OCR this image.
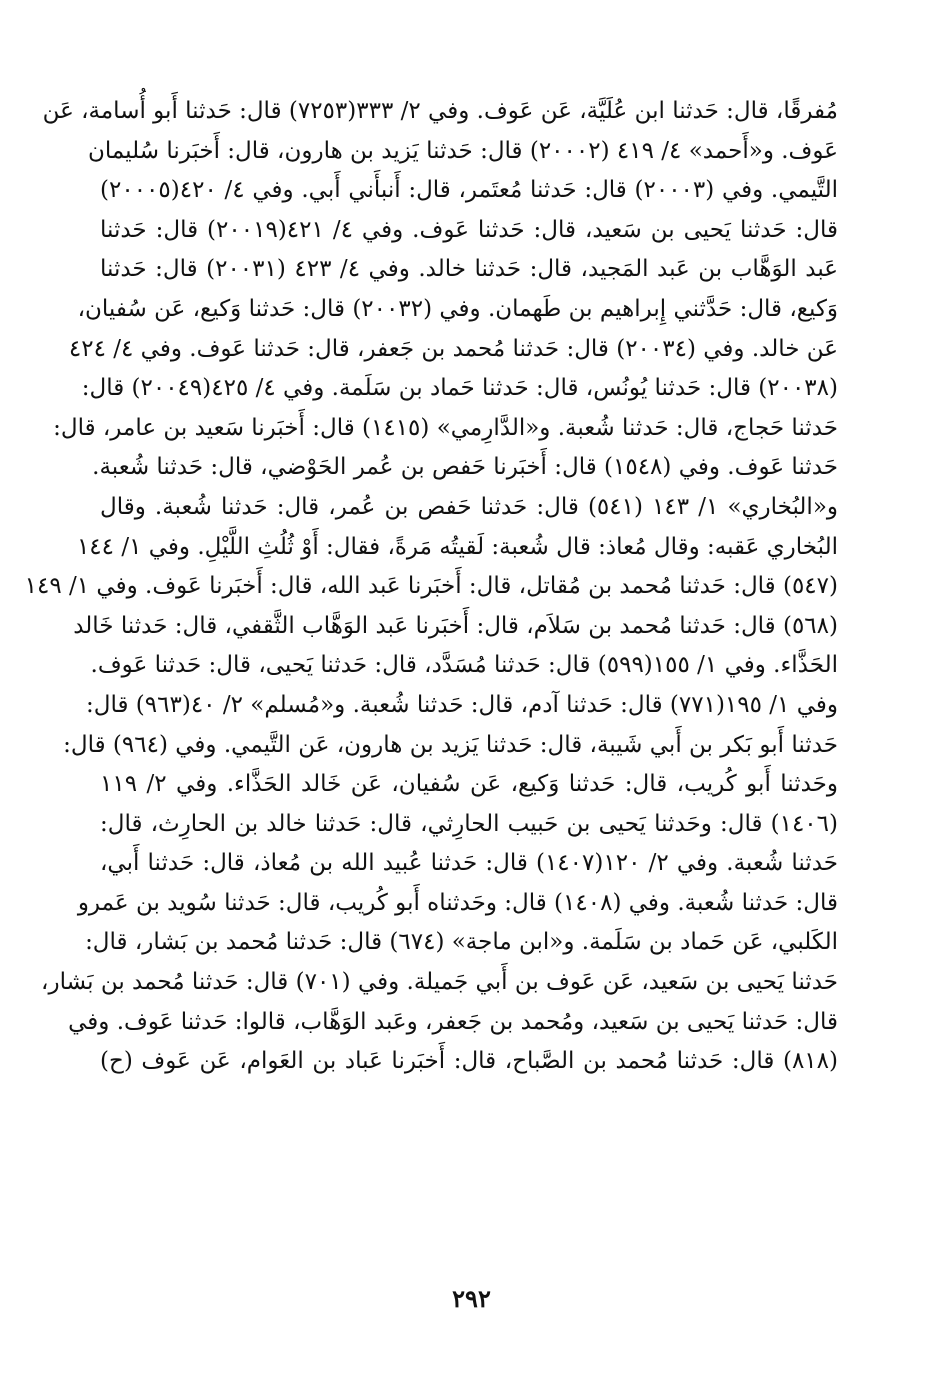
مُفرقًا، قال: حَدثنا ابن عُلَيَّة، عَن عَوف. وفي ٢/ ٣٣٣(٧٢٥٣) قال: حَدثنا أَبو أُسامة، عَن
عَوف. و«أَحمد» ٤/ ٤١٩ (٢٠٠٠٢) قال: حَدثنا يَزيد بن هارون، قال: أَخبَرنا سُليمان
التَّيمي. وفي (٢٠٠٠٣) قال: حَدثنا مُعتَمر، قال: أَنبأَني أَبي. وفي ٤/ ٤٢٠(٢٠٠٠٥)
قال: حَدثنا يَحيى بن سَعيد، قال: حَدثنا عَوف. وفي ٤/ ٤٢١(٢٠٠١٩) قال: حَدثنا
عَبد الوَهَّاب بن عَبد المَجيد، قال: حَدثنا خالد. وفي ٤/ ٤٢٣ (٢٠٠٣١) قال: حَدثنا
وَكيع، قال: حَدَّثني إِبراهيم بن طَهمان. وفي (٢٠٠٣٢) قال: حَدثنا وَكيع، عَن سُفيان،
عَن خالد. وفي (٢٠٠٣٤) قال: حَدثنا مُحمد بن جَعفر، قال: حَدثنا عَوف. وفي ٤/ ٤٢٤
(٢٠٠٣٨) قال: حَدثنا يُونُس، قال: حَدثنا حَماد بن سَلَمة. وفي ٤/ ٤٢٥(٢٠٠٤٩) قال:
حَدثنا حَجاج، قال: حَدثنا شُعبة. و«الدَّارِمي» (١٤١٥) قال: أَخبَرنا سَعيد بن عامر، قال:
حَدثنا عَوف. وفي (١٥٤٨) قال: أَخبَرنا حَفص بن عُمر الحَوْضي، قال: حَدثنا شُعبة.
و«البُخاري» ١/ ١٤٣ (٥٤١) قال: حَدثنا حَفص بن عُمر، قال: حَدثنا شُعبة. وقال
البُخاري عَقبه: وقال مُعاذ: قال شُعبة: لَقيتُه مَرةً، فقال: أَوْ ثُلُثِ اللَّيْلِ. وفي ١/ ١٤٤
(٥٤٧) قال: حَدثنا مُحمد بن مُقاتل، قال: أَخبَرنا عَبد الله، قال: أَخبَرنا عَوف. وفي ١/ ١٤٩
(٥٦٨) قال: حَدثنا مُحمد بن سَلاَم، قال: أَخبَرنا عَبد الوَهَّاب الثَّقفي، قال: حَدثنا خَالد
الحَذَّاء. وفي ١/ ١٥٥(٥٩٩) قال: حَدثنا مُسَدَّد، قال: حَدثنا يَحيى، قال: حَدثنا عَوف.
وفي ١/ ١٩٥(٧٧١) قال: حَدثنا آدم، قال: حَدثنا شُعبة. و«مُسلم» ٢/ ٤٠(٩٦٣) قال:
حَدثنا أَبو بَكر بن أَبي شَيبة، قال: حَدثنا يَزيد بن هارون، عَن التَّيمي. وفي (٩٦٤) قال:
وحَدثنا أَبو كُريب، قال: حَدثنا وَكيع، عَن سُفيان، عَن خَالد الحَذَّاء. وفي ٢/ ١١٩
(١٤٠٦) قال: وحَدثنا يَحيى بن حَبيب الحارِثي، قال: حَدثنا خالد بن الحارِث، قال:
حَدثنا شُعبة. وفي ٢/ ١٢٠(١٤٠٧) قال: حَدثنا عُبيد الله بن مُعاذ، قال: حَدثنا أَبي،
قال: حَدثنا شُعبة. وفي (١٤٠٨) قال: وحَدثناه أَبو كُريب، قال: حَدثنا سُويد بن عَمرو
الكَلبي، عَن حَماد بن سَلَمة. و«ابن ماجة» (٦٧٤) قال: حَدثنا مُحمد بن بَشار، قال:
حَدثنا يَحيى بن سَعيد، عَن عَوف بن أَبي جَميلة. وفي (٧٠١) قال: حَدثنا مُحمد بن بَشار،
قال: حَدثنا يَحيى بن سَعيد، ومُحمد بن جَعفر، وعَبد الوَهَّاب، قالوا: حَدثنا عَوف. وفي
(٨١٨) قال: حَدثنا مُحمد بن الصَّباح، قال: أَخبَرنا عَباد بن العَوام، عَن عَوف (ح)
٢٩٢
